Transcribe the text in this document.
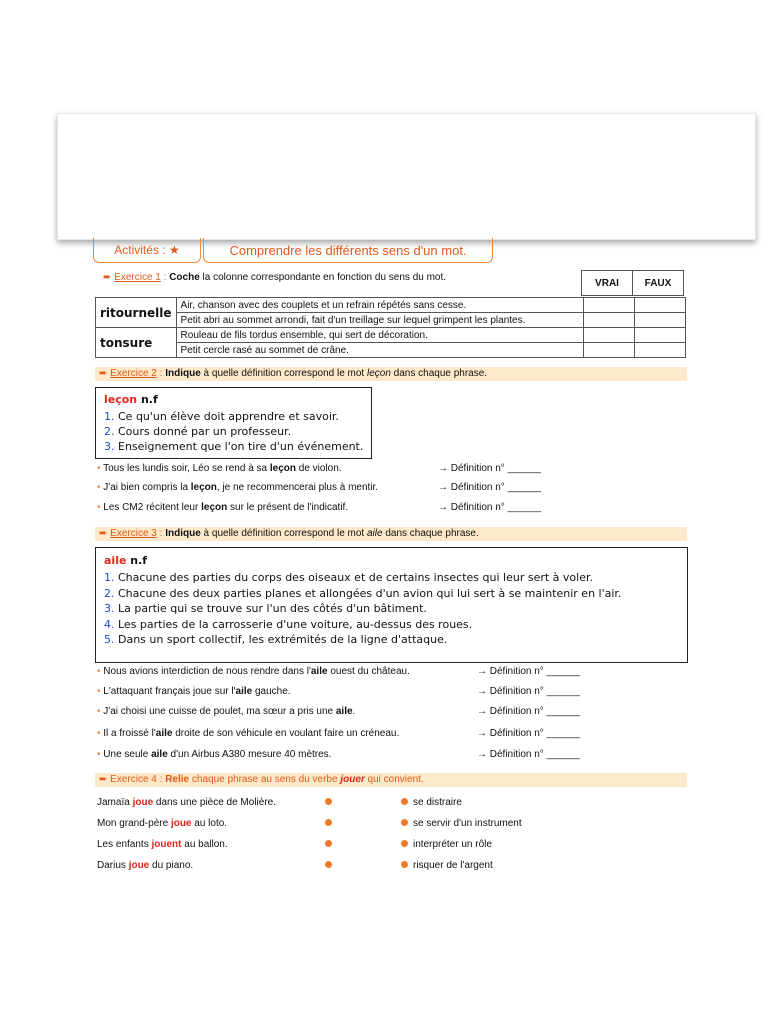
Activités :
★	Comprendre les différents sens d'un mot.
➨ Exercice 1 : Coche la colonne correspondante en fonction du sens du mot.	VRAI	FAUX
ritournelle	Air, chanson avec des couplets et un refrain répétés sans cesse.		
	Petit abri au sommet arrondi, fait d'un treillage sur lequel grimpent les plantes.		
tonsure	Rouleau de fils tordus ensemble, qui sert de décoration.		
	Petit cercle rasé au sommet de crâne.		
➨ Exercice 2 : Indique à quelle définition correspond le mot leçon dans chaque phrase.
leçon n.f
1. Ce qu'un élève doit apprendre et savoir.
2. Cours donné par un professeur.
3. Enseignement que l'on tire d'un événement.
• Tous les lundis soir, Léo se rend à sa leçon de violon.	→ Définition n° ______
• J'ai bien compris la leçon, je ne recommencerai plus à mentir.	→ Définition n° ______
• Les CM2 récitent leur leçon sur le présent de l'indicatif.	→ Définition n° ______
➨ Exercice 3 : Indique à quelle définition correspond le mot aile dans chaque phrase.
aile n.f
1. Chacune des parties du corps des oiseaux et de certains insectes qui leur sert à voler.
2. Chacune des deux parties planes et allongées d'un avion qui lui sert à se maintenir en l'air.
3. La partie qui se trouve sur l'un des côtés d'un bâtiment.
4. Les parties de la carrosserie d'une voiture, au-dessus des roues.
5. Dans un sport collectif, les extrémités de la ligne d'attaque.
• Nous avions interdiction de nous rendre dans l'aile ouest du château.	→ Définition n° ______
• L'attaquant français joue sur l'aile gauche.	→ Définition n° ______
• J'ai choisi une cuisse de poulet, ma sœur a pris une aile.	→ Définition n° ______
• Il a froissé l'aile droite de son véhicule en voulant faire un créneau.	→ Définition n° ______
• Une seule aile d'un Airbus A380 mesure 40 mètres.	→ Définition n° ______
➨ Exercice 4 : Relie chaque phrase au sens du verbe jouer qui convient.
Jamaïa joue dans une pièce de Molière.
Mon grand-père joue au loto.
Les enfants jouent au ballon.
Darius joue du piano.
se distraire
se servir d'un instrument
interpréter un rôle
risquer de l'argent
